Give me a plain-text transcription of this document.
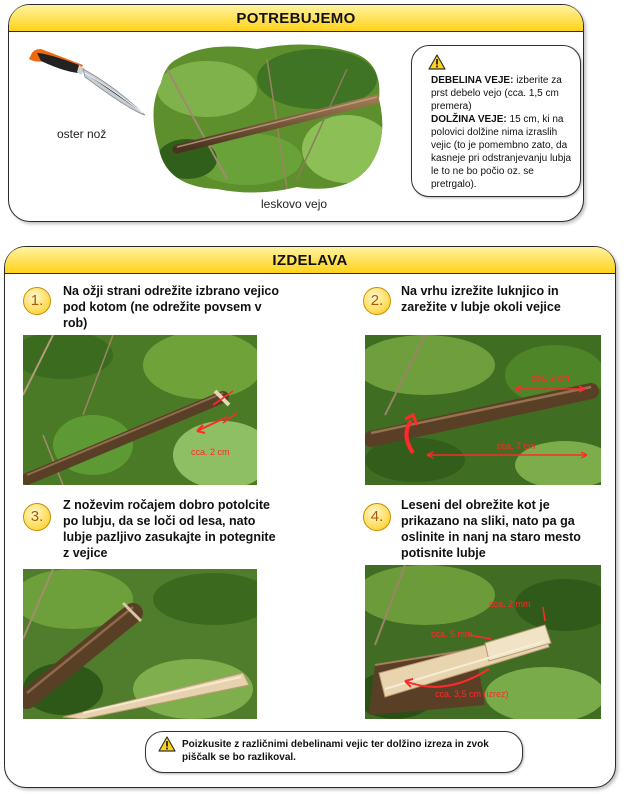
POTREBUJEMO
oster nož
leskovo vejo
DEBELINA VEJE: izberite za prst debelo vejo (cca. 1,5 cm premera)
DOLŽINA VEJE: 15 cm, ki na polovici dolžine nima izraslih vejic (to je pomembno zato, da kasneje pri odstranjevanju lubja le to ne bo počio oz. se pretrgalo).
IZDELAVA
1.
Na ožji strani odrežite izbrano vejico pod kotom (ne odrežite povsem v rob)
cca. 2 cm
2.
Na vrhu izrežite luknjico in zarežite v lubje okoli vejice
cca. 2 cm
cca. 7 cm
3.
Z noževim ročajem dobro potolcite po lubju, da se loči od lesa, nato lubje pazljivo zasukajte in potegnite z vejice
4.
Leseni del obrežite kot je prikazano na sliki, nato pa ga oslinite in nanj na staro mesto potisnite lubje
cca. 2 mm
cca. 5 mm
cca. 3,5 cm (izrez)
Poizkusite z različnimi debelinami vejic ter dolžino izreza in zvok piščalk se bo razlikoval.
